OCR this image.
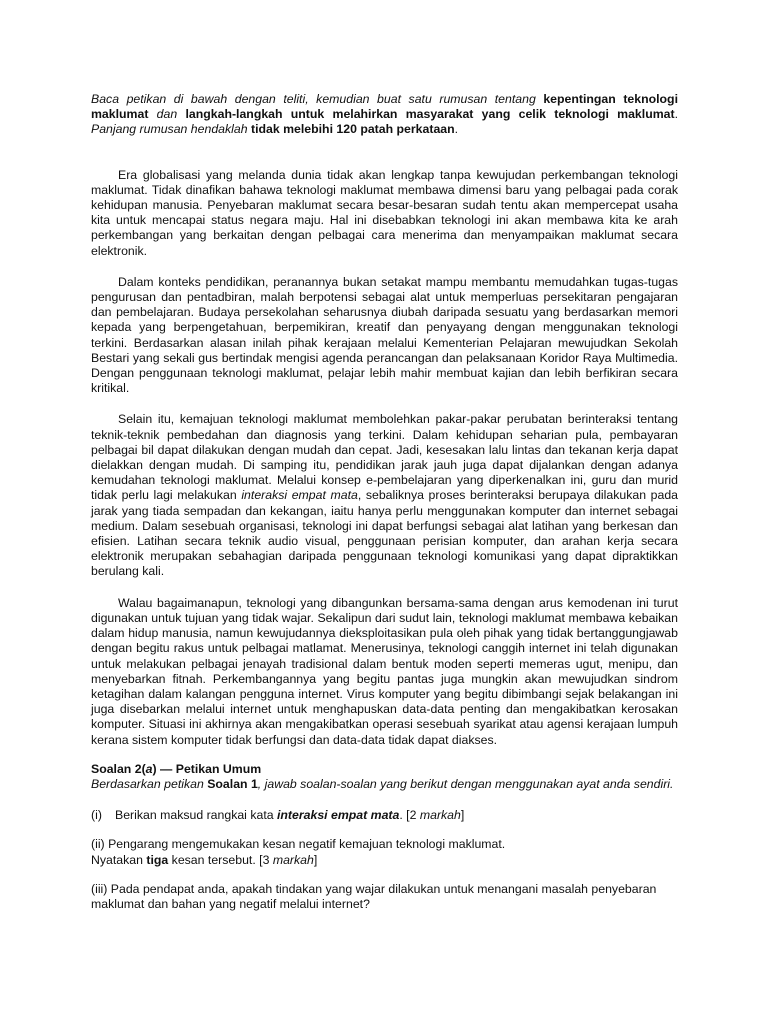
Baca petikan di bawah dengan teliti, kemudian buat satu rumusan tentang kepentingan teknologi maklumat dan langkah-langkah untuk melahirkan masyarakat yang celik teknologi maklumat. Panjang rumusan hendaklah tidak melebihi 120 patah perkataan.

Era globalisasi yang melanda dunia tidak akan lengkap tanpa kewujudan perkembangan teknologi maklumat. Tidak dinafikan bahawa teknologi maklumat membawa dimensi baru yang pelbagai pada corak kehidupan manusia. Penyebaran maklumat secara besar-besaran sudah tentu akan mempercepat usaha kita untuk mencapai status negara maju. Hal ini disebabkan teknologi ini akan membawa kita ke arah perkembangan yang berkaitan dengan pelbagai cara menerima dan menyampaikan maklumat secara elektronik.

Dalam konteks pendidikan, peranannya bukan setakat mampu membantu memudahkan tugas-tugas pengurusan dan pentadbiran, malah berpotensi sebagai alat untuk memperluas persekitaran pengajaran dan pembelajaran. Budaya persekolahan seharusnya diubah daripada sesuatu yang berdasarkan memori kepada yang berpengetahuan, berpemikiran, kreatif dan penyayang dengan menggunakan teknologi terkini. Berdasarkan alasan inilah pihak kerajaan melalui Kementerian Pelajaran mewujudkan Sekolah Bestari yang sekali gus bertindak mengisi agenda perancangan dan pelaksanaan Koridor Raya Multimedia. Dengan penggunaan teknologi maklumat, pelajar lebih mahir membuat kajian dan lebih berfikiran secara kritikal.

Selain itu, kemajuan teknologi maklumat membolehkan pakar-pakar perubatan berinteraksi tentang teknik-teknik pembedahan dan diagnosis yang terkini. Dalam kehidupan seharian pula, pembayaran pelbagai bil dapat dilakukan dengan mudah dan cepat. Jadi, kesesakan lalu lintas dan tekanan kerja dapat dielakkan dengan mudah. Di samping itu, pendidikan jarak jauh juga dapat dijalankan dengan adanya kemudahan teknologi maklumat. Melalui konsep e-pembelajaran yang diperkenalkan ini, guru dan murid tidak perlu lagi melakukan interaksi empat mata, sebaliknya proses berinteraksi berupaya dilakukan pada jarak yang tiada sempadan dan kekangan, iaitu hanya perlu menggunakan komputer dan internet sebagai medium. Dalam sesebuah organisasi, teknologi ini dapat berfungsi sebagai alat latihan yang berkesan dan efisien. Latihan secara teknik audio visual, penggunaan perisian komputer, dan arahan kerja secara elektronik merupakan sebahagian daripada penggunaan teknologi komunikasi yang dapat dipraktikkan berulang kali.

Walau bagaimanapun, teknologi yang dibangunkan bersama-sama dengan arus kemodenan ini turut digunakan untuk tujuan yang tidak wajar. Sekalipun dari sudut lain, teknologi maklumat membawa kebaikan dalam hidup manusia, namun kewujudannya dieksploitasikan pula oleh pihak yang tidak bertanggungjawab dengan begitu rakus untuk pelbagai matlamat. Menerusinya, teknologi canggih internet ini telah digunakan untuk melakukan pelbagai jenayah tradisional dalam bentuk moden seperti memeras ugut, menipu, dan menyebarkan fitnah. Perkembangannya yang begitu pantas juga mungkin akan mewujudkan sindrom ketagihan dalam kalangan pengguna internet. Virus komputer yang begitu dibimbangi sejak belakangan ini juga disebarkan melalui internet untuk menghapuskan data-data penting dan mengakibatkan kerosakan komputer. Situasi ini akhirnya akan mengakibatkan operasi sesebuah syarikat atau agensi kerajaan lumpuh kerana sistem komputer tidak berfungsi dan data-data tidak dapat diakses.

Soalan 2(a) — Petikan Umum

Berdasarkan petikan Soalan 1, jawab soalan-soalan yang berikut dengan menggunakan ayat anda sendiri.

(i) Berikan maksud rangkai kata interaksi empat mata. [2 markah]

(ii) Pengarang mengemukakan kesan negatif kemajuan teknologi maklumat.
Nyatakan tiga kesan tersebut. [3 markah]

(iii) Pada pendapat anda, apakah tindakan yang wajar dilakukan untuk menangani masalah penyebaran maklumat dan bahan yang negatif melalui internet?
